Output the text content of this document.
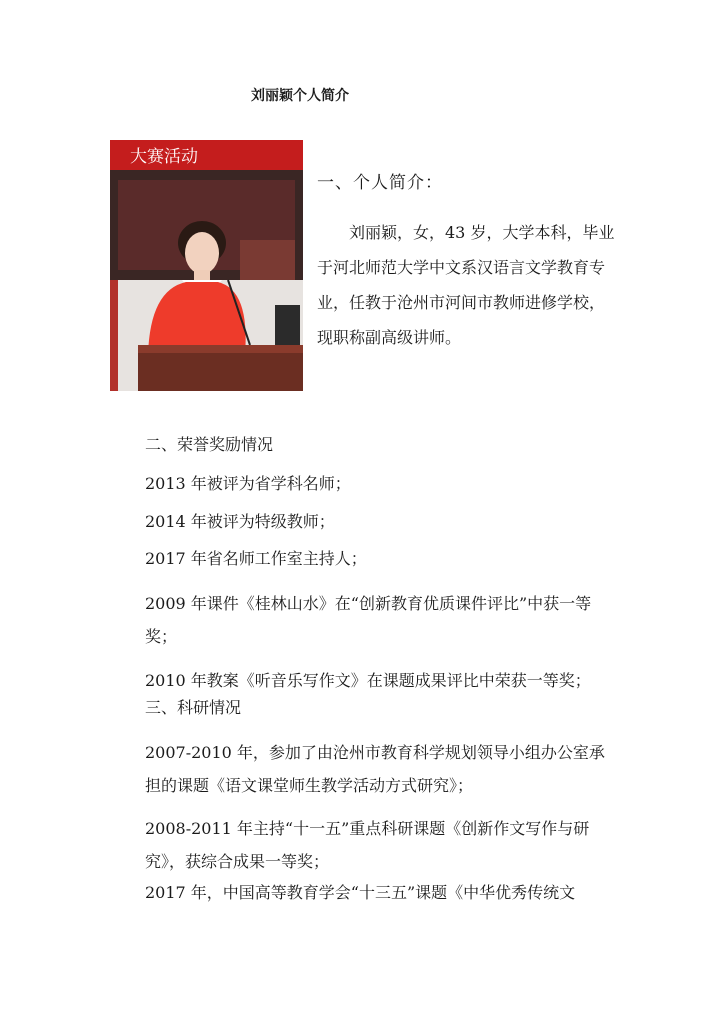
刘丽颖个人简介
大赛活动
一、个人简介：

刘丽颖，女，43 岁，大学本科，毕业于河北师范大学中文系汉语言文学教育专业，任教于沧州市河间市教师进修学校，现职称副高级讲师。

二、荣誉奖励情况
2013 年被评为省学科名师；
2014 年被评为特级教师；
2017 年省名师工作室主持人；

2009 年课件《桂林山水》在“创新教育优质课件评比”中获一等奖；

2010 年教案《听音乐写作文》在课题成果评比中荣获一等奖；
三、科研情况

2007-2010 年，参加了由沧州市教育科学规划领导小组办公室承担的课题《语文课堂师生教学活动方式研究》；

2008-2011 年主持“十一五”重点科研课题《创新作文写作与研究》，获综合成果一等奖；

2017 年，中国高等教育学会“十三五”课题《中华优秀传统文
